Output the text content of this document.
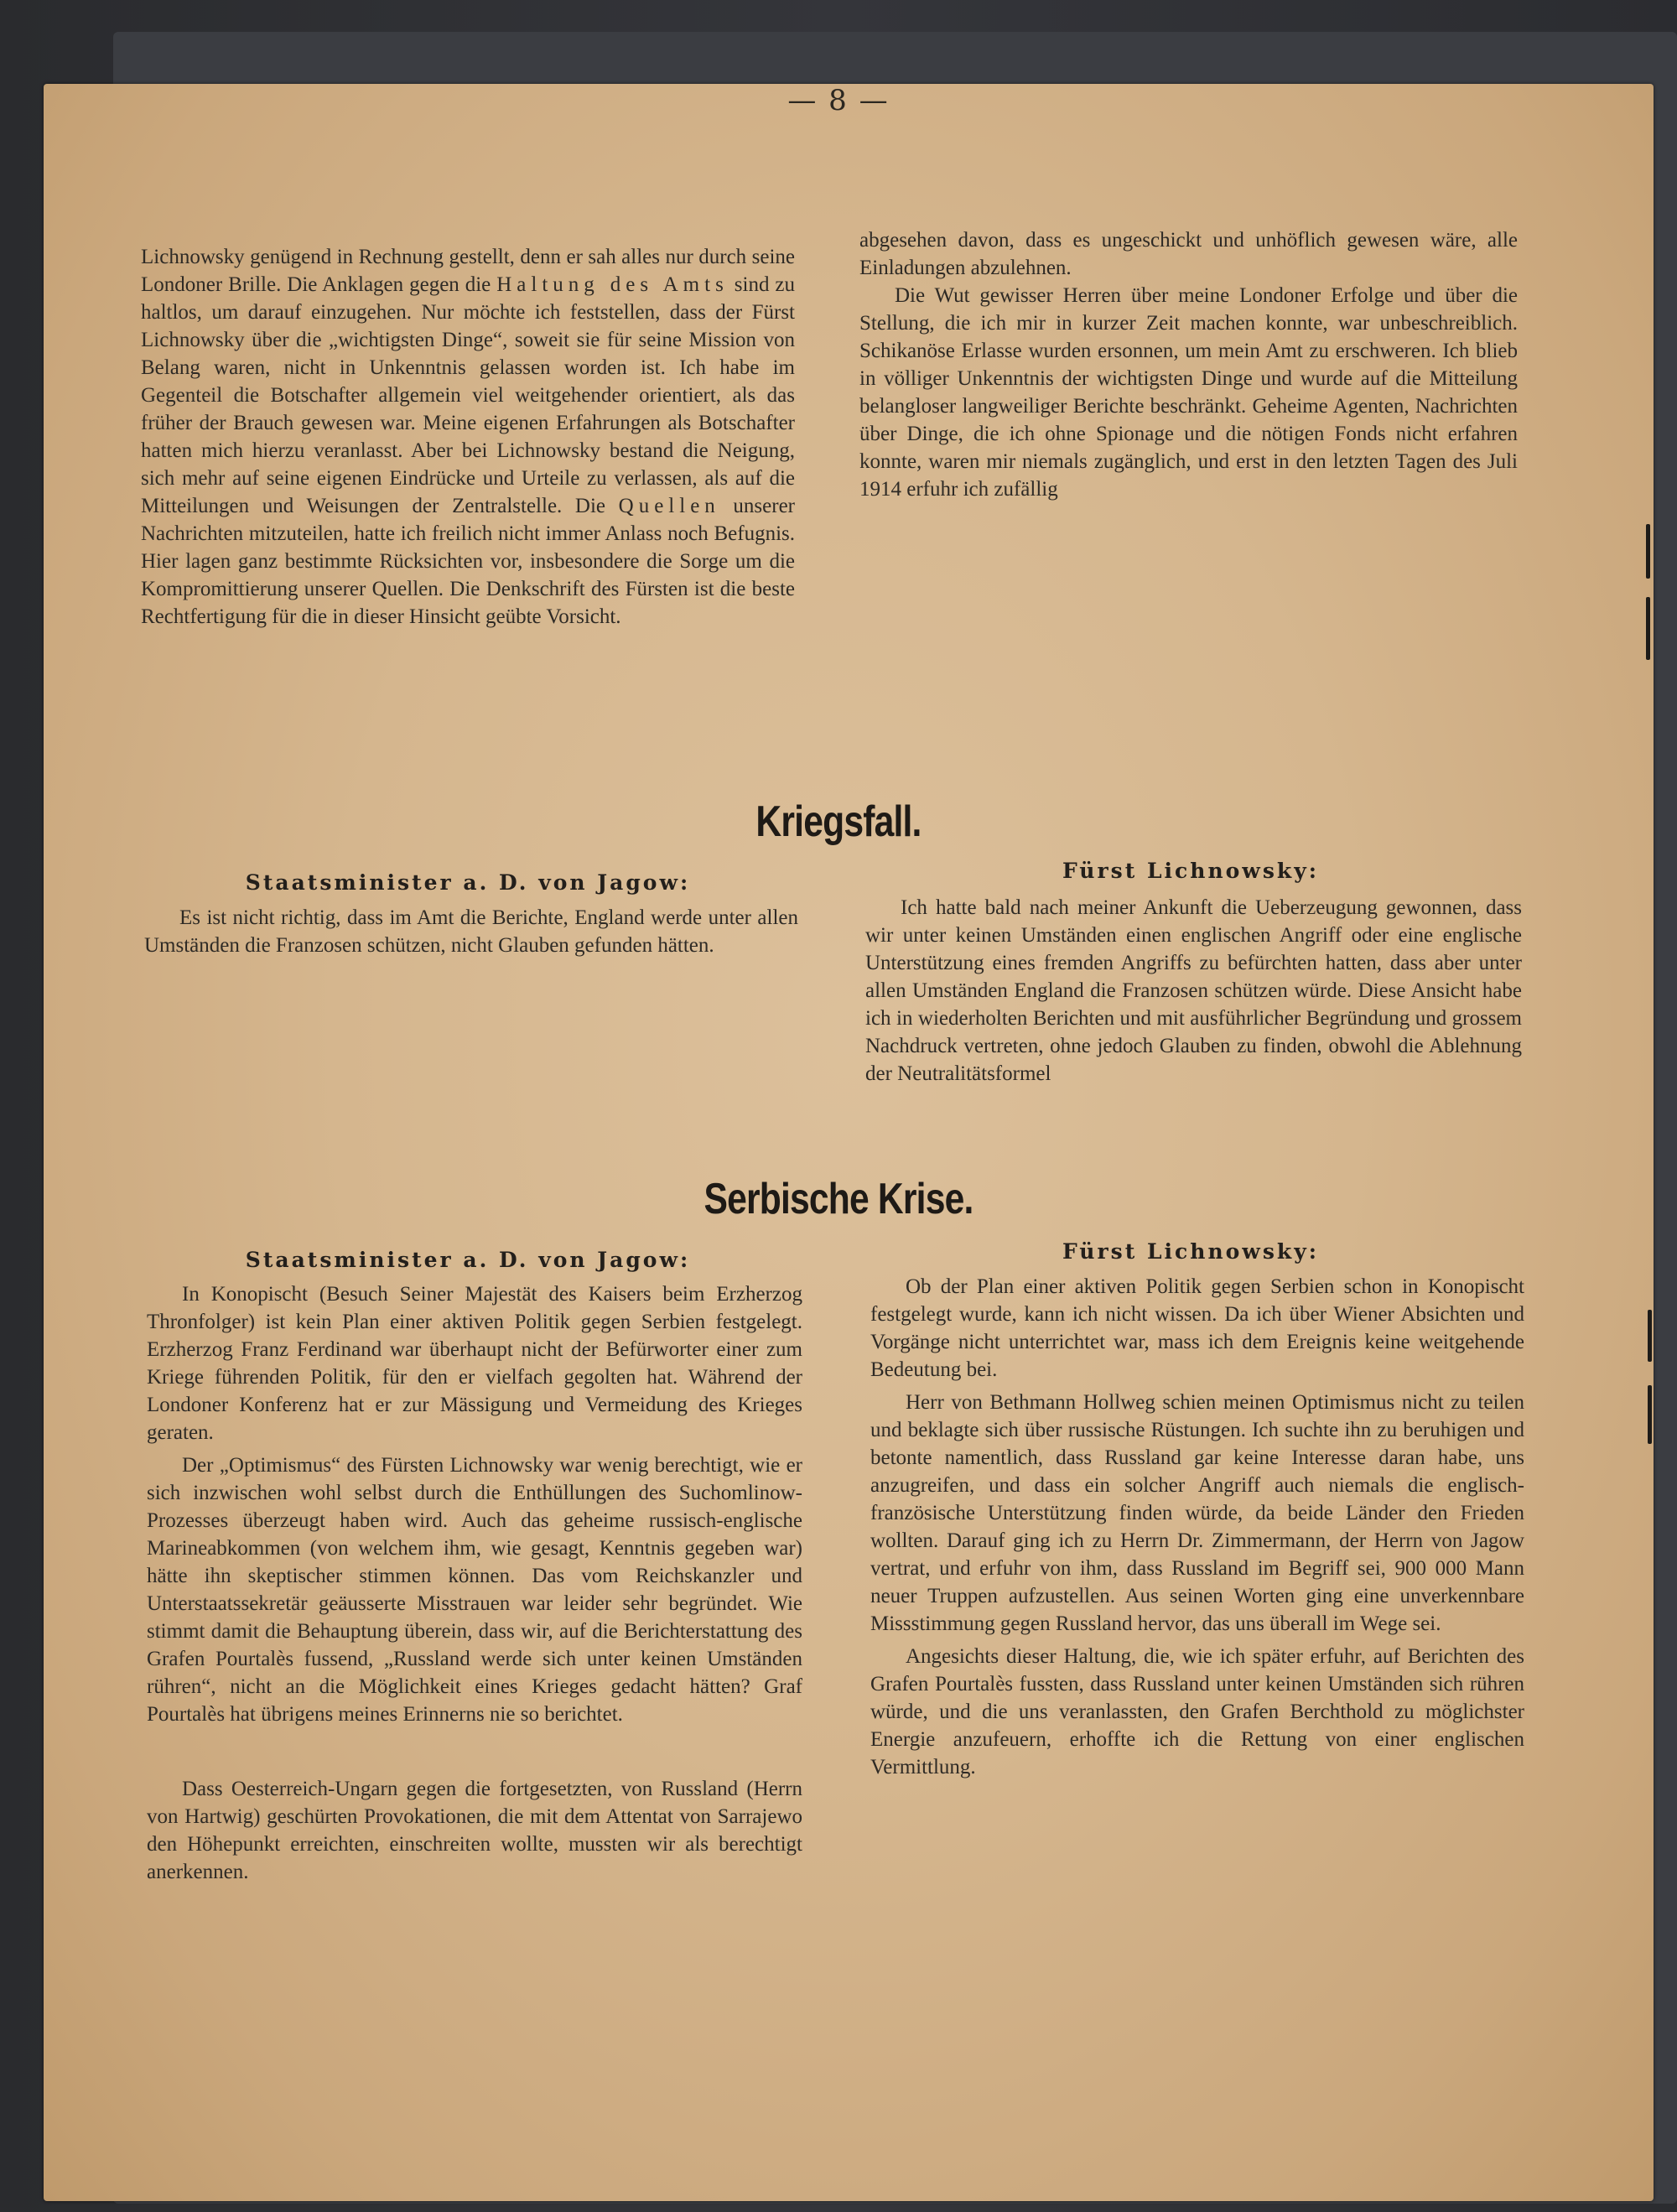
— 8 —

Lichnowsky genügend in Rechnung gestellt, denn er sah alles nur durch seine Londoner Brille. Die Anklagen gegen die Haltung des Amts sind zu haltlos, um darauf einzugehen. Nur möchte ich feststellen, dass der Fürst Lichnowsky über die „wichtigsten Dinge“, soweit sie für seine Mission von Belang waren, nicht in Unkenntnis gelassen worden ist. Ich habe im Gegenteil die Botschafter allgemein viel weitgehender orientiert, als das früher der Brauch gewesen war. Meine eigenen Erfahrungen als Botschafter hatten mich hierzu veranlasst. Aber bei Lichnowsky bestand die Neigung, sich mehr auf seine eigenen Eindrücke und Urteile zu verlassen, als auf die Mitteilungen und Weisungen der Zentralstelle. Die Quellen unserer Nachrichten mitzuteilen, hatte ich freilich nicht immer Anlass noch Befugnis. Hier lagen ganz bestimmte Rücksichten vor, insbesondere die Sorge um die Kompromittierung unserer Quellen. Die Denkschrift des Fürsten ist die beste Rechtfertigung für die in dieser Hinsicht geübte Vorsicht.

abgesehen davon, dass es ungeschickt und unhöflich gewesen wäre, alle Einladungen abzulehnen.

Die Wut gewisser Herren über meine Londoner Erfolge und über die Stellung, die ich mir in kurzer Zeit machen konnte, war unbeschreiblich. Schikanöse Erlasse wurden ersonnen, um mein Amt zu erschweren. Ich blieb in völliger Unkenntnis der wichtigsten Dinge und wurde auf die Mitteilung belangloser langweiliger Berichte beschränkt. Geheime Agenten, Nachrichten über Dinge, die ich ohne Spionage und die nötigen Fonds nicht erfahren konnte, waren mir niemals zugänglich, und erst in den letzten Tagen des Juli 1914 erfuhr ich zufällig

Kriegsfall.
Staatsminister a. D. von Jagow:

Es ist nicht richtig, dass im Amt die Berichte, England werde unter allen Umständen die Franzosen schützen, nicht Glauben gefunden hätten.

Fürst Lichnowsky:

Ich hatte bald nach meiner Ankunft die Ueberzeugung gewonnen, dass wir unter keinen Umständen einen englischen Angriff oder eine englische Unterstützung eines fremden Angriffs zu befürchten hatten, dass aber unter allen Umständen England die Franzosen schützen würde. Diese Ansicht habe ich in wiederholten Berichten und mit ausführlicher Begründung und grossem Nachdruck vertreten, ohne jedoch Glauben zu finden, obwohl die Ablehnung der Neutralitätsformel

Serbische Krise.
Staatsminister a. D. von Jagow:

In Konopischt (Besuch Seiner Majestät des Kaisers beim Erzherzog Thronfolger) ist kein Plan einer aktiven Politik gegen Serbien festgelegt. Erzherzog Franz Ferdinand war überhaupt nicht der Befürworter einer zum Kriege führenden Politik, für den er vielfach gegolten hat. Während der Londoner Konferenz hat er zur Mässigung und Vermeidung des Krieges geraten.

Der „Optimismus“ des Fürsten Lichnowsky war wenig berechtigt, wie er sich inzwischen wohl selbst durch die Enthüllungen des Suchomlinow-Prozesses überzeugt haben wird. Auch das geheime russisch-englische Marineabkommen (von welchem ihm, wie gesagt, Kenntnis gegeben war) hätte ihn skeptischer stimmen können. Das vom Reichskanzler und Unterstaatssekretär geäusserte Misstrauen war leider sehr begründet. Wie stimmt damit die Behauptung überein, dass wir, auf die Berichterstattung des Grafen Pourtalès fussend, „Russland werde sich unter keinen Umständen rühren“, nicht an die Möglichkeit eines Krieges gedacht hätten? Graf Pourtalès hat übrigens meines Erinnerns nie so berichtet.

Dass Oesterreich-Ungarn gegen die fortgesetzten, von Russland (Herrn von Hartwig) geschürten Provokationen, die mit dem Attentat von Sarrajewo den Höhepunkt erreichten, einschreiten wollte, mussten wir als berechtigt anerkennen.

Fürst Lichnowsky:

Ob der Plan einer aktiven Politik gegen Serbien schon in Konopischt festgelegt wurde, kann ich nicht wissen. Da ich über Wiener Absichten und Vorgänge nicht unterrichtet war, mass ich dem Ereignis keine weitgehende Bedeutung bei.

Herr von Bethmann Hollweg schien meinen Optimismus nicht zu teilen und beklagte sich über russische Rüstungen. Ich suchte ihn zu beruhigen und betonte namentlich, dass Russland gar keine Interesse daran habe, uns anzugreifen, und dass ein solcher Angriff auch niemals die englisch-französische Unterstützung finden würde, da beide Länder den Frieden wollten. Darauf ging ich zu Herrn Dr. Zimmermann, der Herrn von Jagow vertrat, und erfuhr von ihm, dass Russland im Begriff sei, 900 000 Mann neuer Truppen aufzustellen. Aus seinen Worten ging eine unverkennbare Missstimmung gegen Russland hervor, das uns überall im Wege sei.

Angesichts dieser Haltung, die, wie ich später erfuhr, auf Berichten des Grafen Pourtalès fussten, dass Russland unter keinen Umständen sich rühren würde, und die uns veranlassten, den Grafen Berchthold zu möglichster Energie anzufeuern, erhoffte ich die Rettung von einer englischen Vermittlung.
